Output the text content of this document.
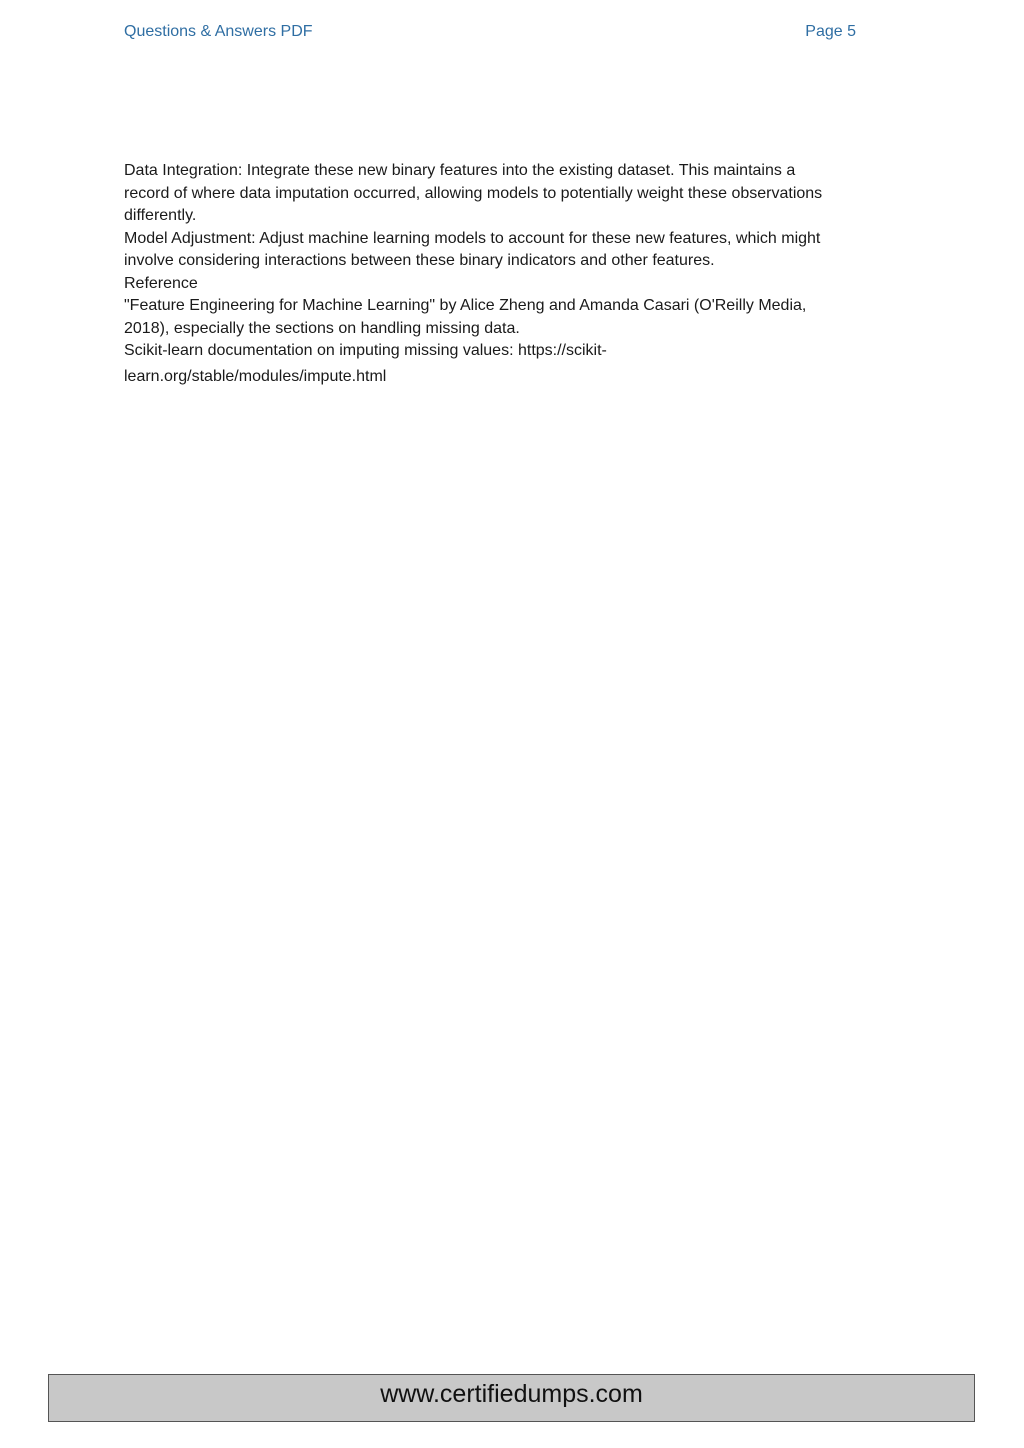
Questions & Answers PDF	Page 5
Data Integration: Integrate these new binary features into the existing dataset. This maintains a
record of where data imputation occurred, allowing models to potentially weight these observations
differently.
Model Adjustment: Adjust machine learning models to account for these new features, which might
involve considering interactions between these binary indicators and other features.
Reference
"Feature Engineering for Machine Learning" by Alice Zheng and Amanda Casari (O'Reilly Media,
2018), especially the sections on handling missing data.
Scikit-learn documentation on imputing missing values: https://scikit-
learn.org/stable/modules/impute.html
www.certifiedumps.com
